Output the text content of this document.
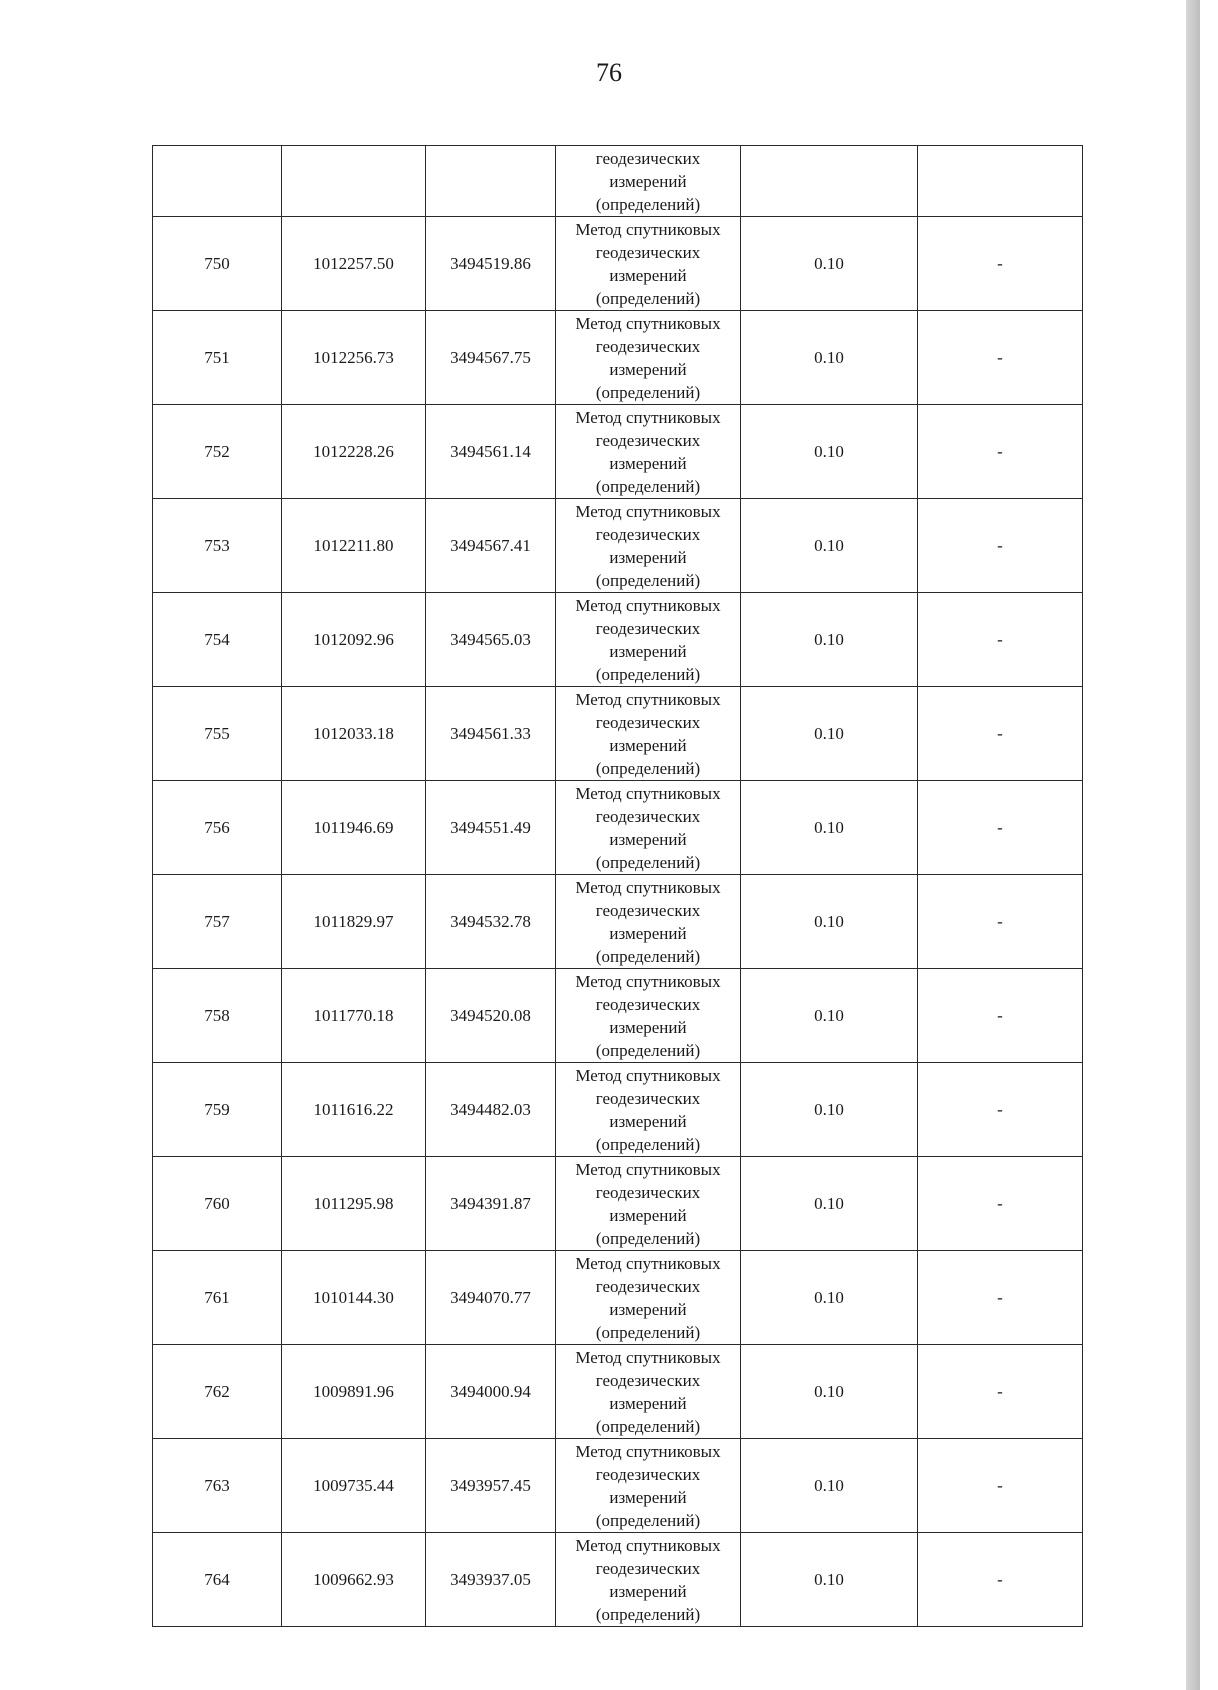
76

			геодезических
измерений
(определений)		

750	1012257.50	3494519.86	Метод спутниковых
геодезических
измерений
(определений)	0.10	-
751	1012256.73	3494567.75	Метод спутниковых
геодезических
измерений
(определений)	0.10	-
752	1012228.26	3494561.14	Метод спутниковых
геодезических
измерений
(определений)	0.10	-
753	1012211.80	3494567.41	Метод спутниковых
геодезических
измерений
(определений)	0.10	-
754	1012092.96	3494565.03	Метод спутниковых
геодезических
измерений
(определений)	0.10	-
755	1012033.18	3494561.33	Метод спутниковых
геодезических
измерений
(определений)	0.10	-
756	1011946.69	3494551.49	Метод спутниковых
геодезических
измерений
(определений)	0.10	-
757	1011829.97	3494532.78	Метод спутниковых
геодезических
измерений
(определений)	0.10	-
758	1011770.18	3494520.08	Метод спутниковых
геодезических
измерений
(определений)	0.10	-
759	1011616.22	3494482.03	Метод спутниковых
геодезических
измерений
(определений)	0.10	-
760	1011295.98	3494391.87	Метод спутниковых
геодезических
измерений
(определений)	0.10	-
761	1010144.30	3494070.77	Метод спутниковых
геодезических
измерений
(определений)	0.10	-
762	1009891.96	3494000.94	Метод спутниковых
геодезических
измерений
(определений)	0.10	-
763	1009735.44	3493957.45	Метод спутниковых
геодезических
измерений
(определений)	0.10	-
764	1009662.93	3493937.05	Метод спутниковых
геодезических
измерений
(определений)	0.10	-
